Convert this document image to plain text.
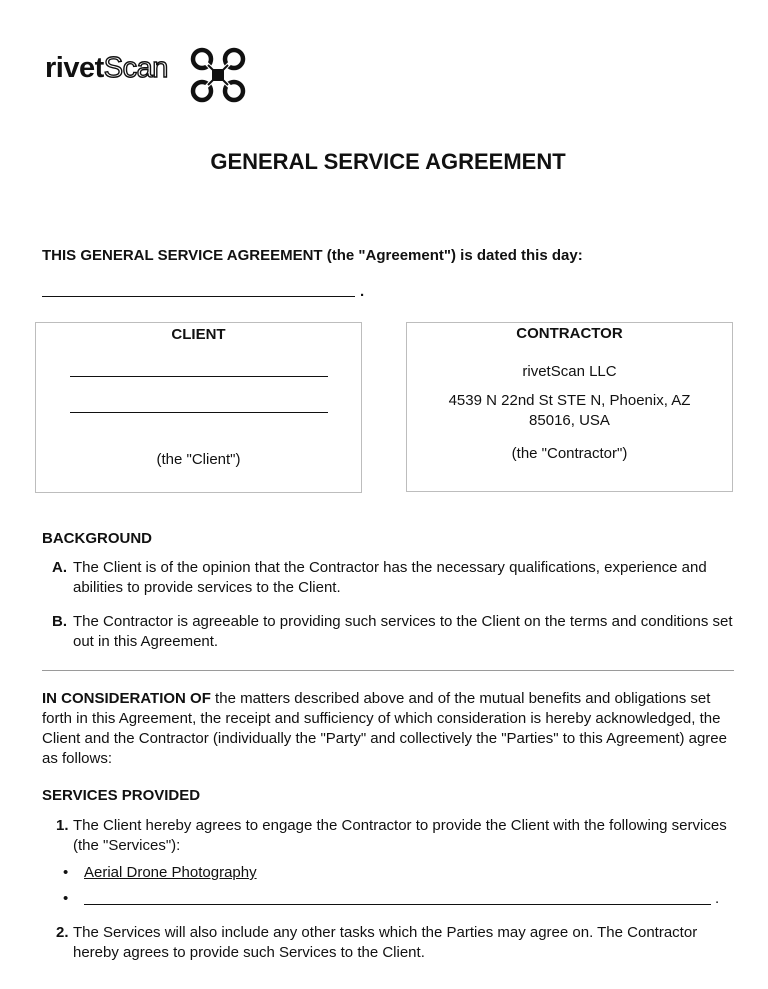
rivetScan
GENERAL SERVICE AGREEMENT
THIS GENERAL SERVICE AGREEMENT (the "Agreement") is dated this day:
.
CLIENT
(the "Client")
CONTRACTOR
rivetScan LLC
4539 N 22nd St STE N, Phoenix, AZ 85016, USA
(the "Contractor")
BACKGROUND
A. The Client is of the opinion that the Contractor has the necessary qualifications, experience and abilities to provide services to the Client.
B. The Contractor is agreeable to providing such services to the Client on the terms and conditions set out in this Agreement.
IN CONSIDERATION OF the matters described above and of the mutual benefits and obligations set forth in this Agreement, the receipt and sufficiency of which consideration is hereby acknowledged, the Client and the Contractor (individually the "Party" and collectively the "Parties" to this Agreement) agree as follows:
SERVICES PROVIDED
1. The Client hereby agrees to engage the Contractor to provide the Client with the following services (the "Services"):
• Aerial Drone Photography
•	.
2. The Services will also include any other tasks which the Parties may agree on. The Contractor hereby agrees to provide such Services to the Client.
